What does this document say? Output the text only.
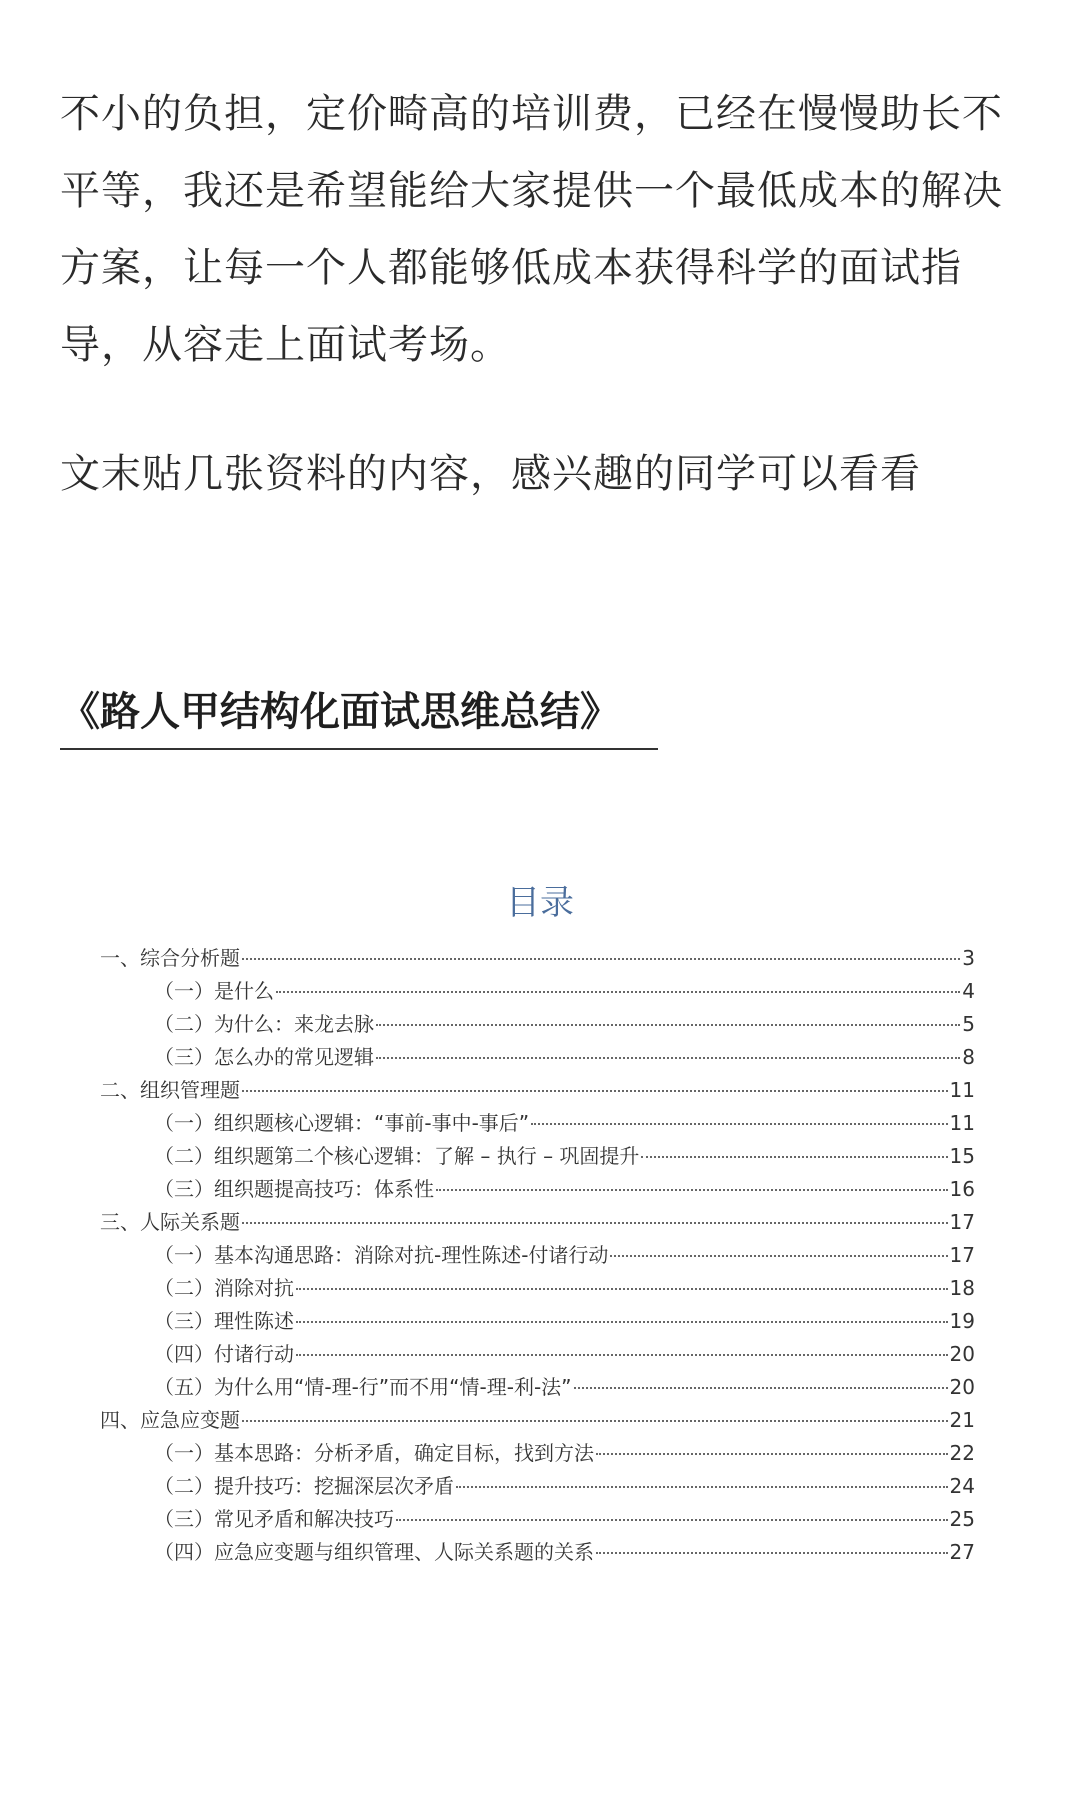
不小的负担，定价畸高的培训费，已经在慢慢助长不平等，我还是希望能给大家提供一个最低成本的解决方案，让每一个人都能够低成本获得科学的面试指导，从容走上面试考场。

文末贴几张资料的内容，感兴趣的同学可以看看

《路人甲结构化面试思维总结》
目录
一、综合分析题	3
（一）是什么	4
（二）为什么：来龙去脉	5
（三）怎么办的常见逻辑	8
二、组织管理题	11
（一）组织题核心逻辑：“事前-事中-事后”	11
（二）组织题第二个核心逻辑：了解 – 执行 – 巩固提升	15
（三）组织题提高技巧：体系性	16
三、人际关系题	17
（一）基本沟通思路：消除对抗-理性陈述-付诸行动	17
（二）消除对抗	18
（三）理性陈述	19
（四）付诸行动	20
（五）为什么用“情-理-行”而不用“情-理-利-法”	20
四、应急应变题	21
（一）基本思路：分析矛盾，确定目标，找到方法	22
（二）提升技巧：挖掘深层次矛盾	24
（三）常见矛盾和解决技巧	25
（四）应急应变题与组织管理、人际关系题的关系	27
